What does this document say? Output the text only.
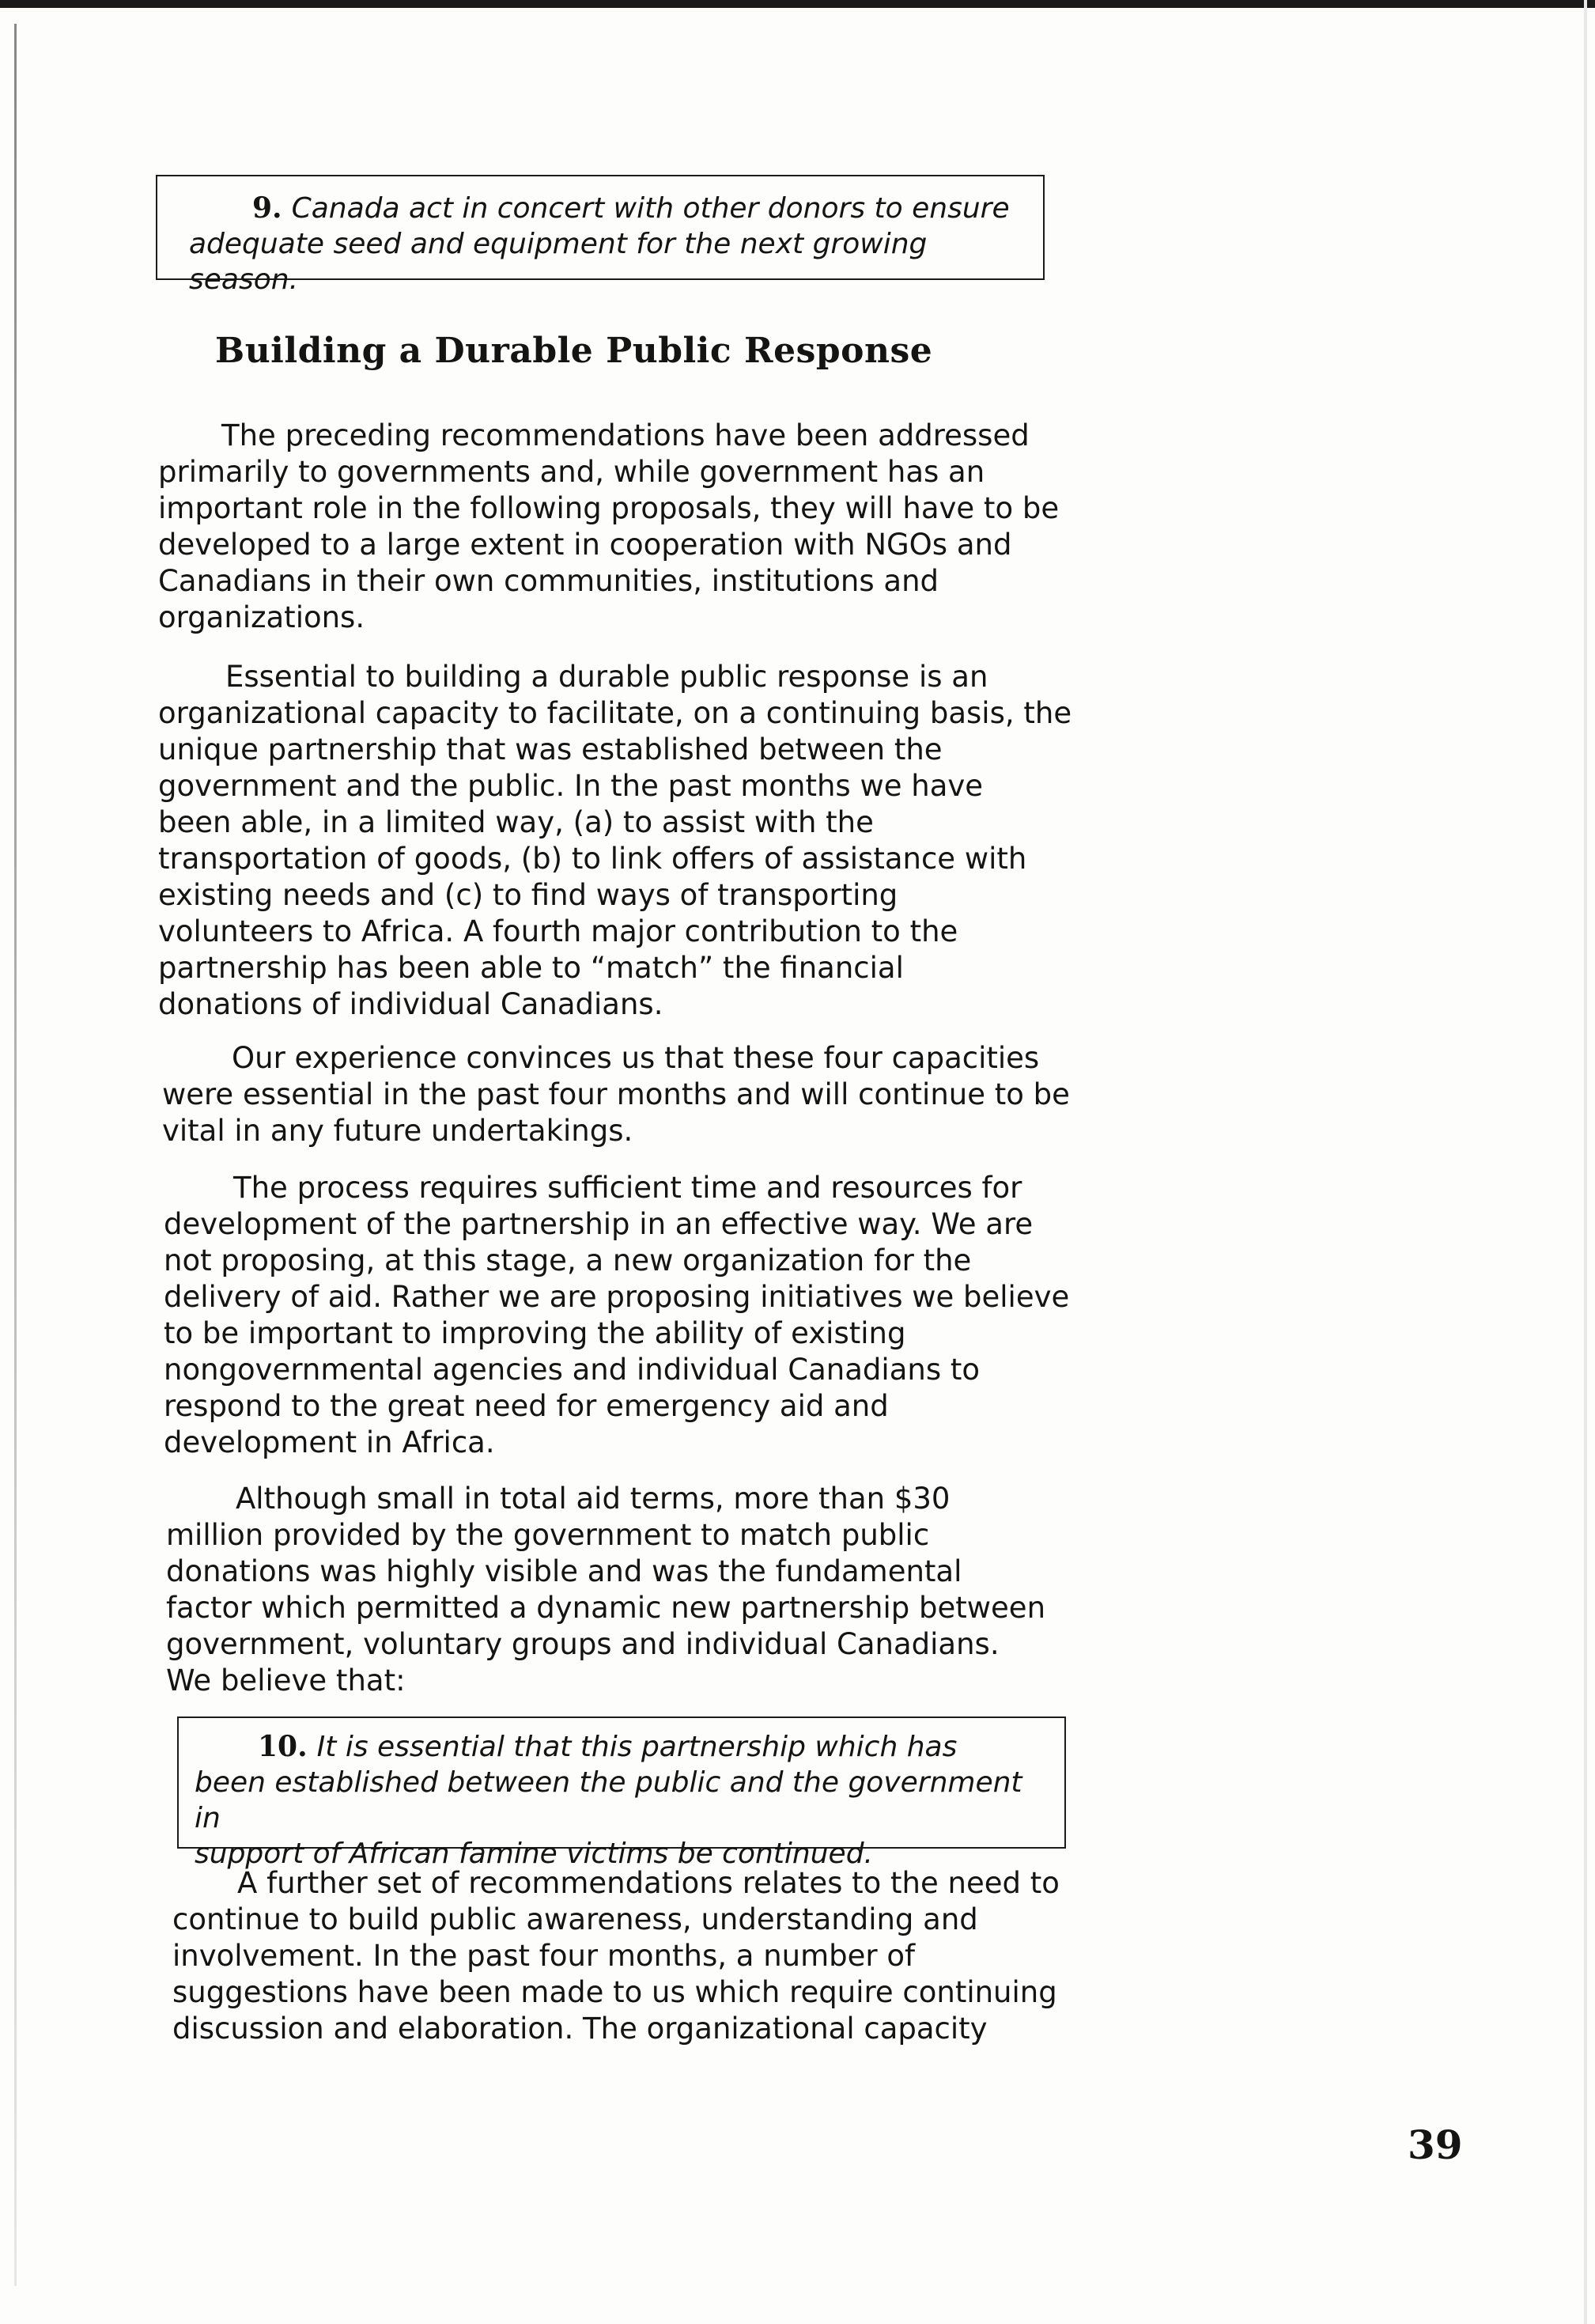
9. Canada act in concert with other donors to ensure
adequate seed and equipment for the next growing season.
Building a Durable Public Response
The preceding recommendations have been addressed
primarily to governments and, while government has an
important role in the following proposals, they will have to be
developed to a large extent in cooperation with NGOs and
Canadians in their own communities, institutions and
organizations.
Essential to building a durable public response is an
organizational capacity to facilitate, on a continuing basis, the
unique partnership that was established between the
government and the public. In the past months we have
been able, in a limited way, (a) to assist with the
transportation of goods, (b) to link offers of assistance with
existing needs and (c) to find ways of transporting
volunteers to Africa. A fourth major contribution to the
partnership has been able to “match” the financial
donations of individual Canadians.
Our experience convinces us that these four capacities
were essential in the past four months and will continue to be
vital in any future undertakings.
The process requires sufficient time and resources for
development of the partnership in an effective way. We are
not proposing, at this stage, a new organization for the
delivery of aid. Rather we are proposing initiatives we believe
to be important to improving the ability of existing
nongovernmental agencies and individual Canadians to
respond to the great need for emergency aid and
development in Africa.
Although small in total aid terms, more than $30
million provided by the government to match public
donations was highly visible and was the fundamental
factor which permitted a dynamic new partnership between
government, voluntary groups and individual Canadians.
We believe that:
10. It is essential that this partnership which has
been established between the public and the government in
support of African famine victims be continued.
A further set of recommendations relates to the need to
continue to build public awareness, understanding and
involvement. In the past four months, a number of
suggestions have been made to us which require continuing
discussion and elaboration. The organizational capacity
39
